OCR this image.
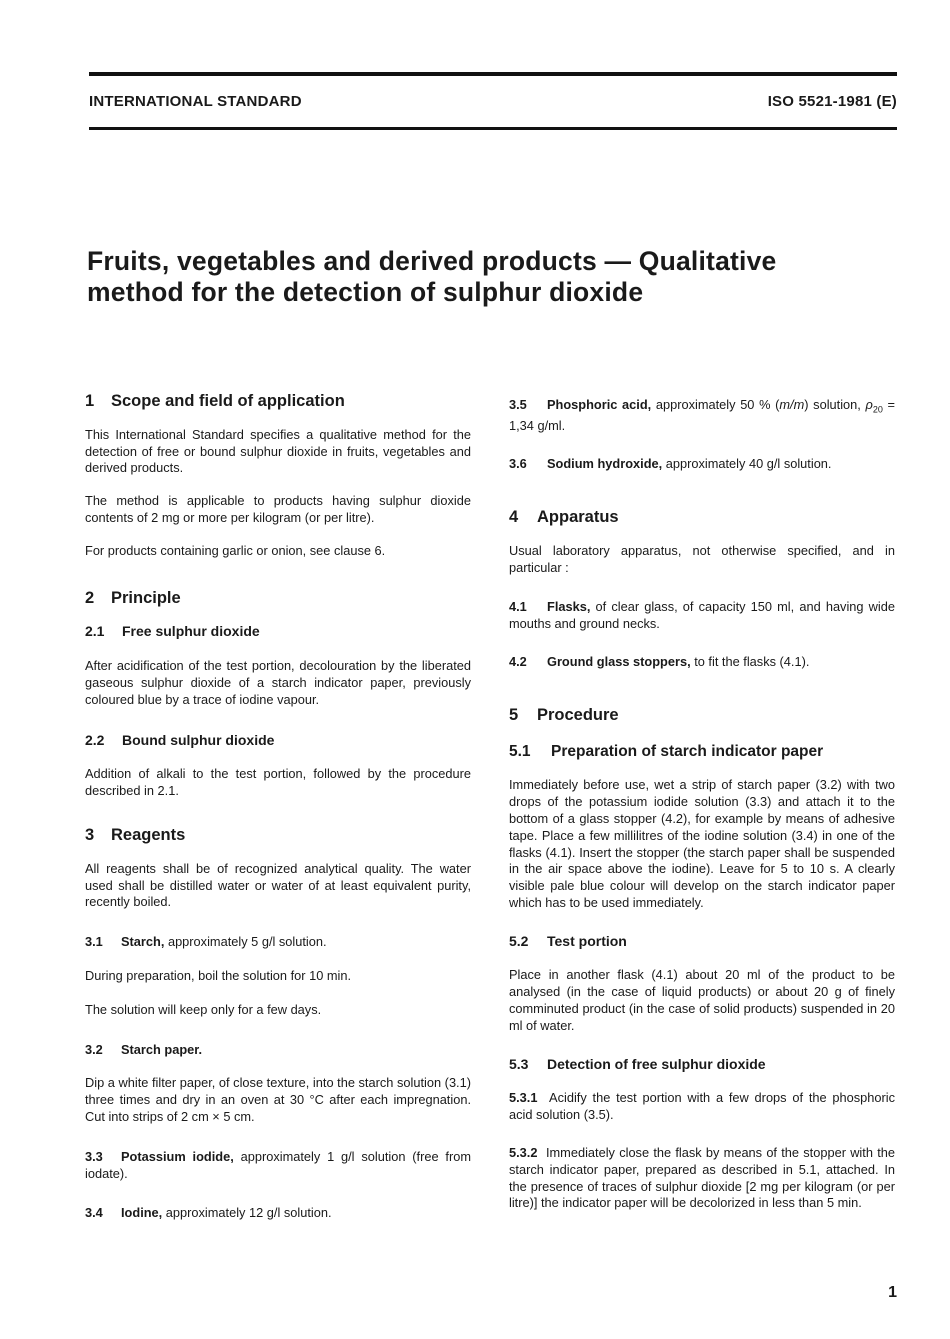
INTERNATIONAL STANDARD	ISO 5521-1981 (E)
Fruits, vegetables and derived products — Qualitative
method for the detection of sulphur dioxide
1 Scope and field of application

This International Standard specifies a qualitative method for the detection of free or bound sulphur dioxide in fruits, vegetables and derived products.

The method is applicable to products having sulphur dioxide contents of 2 mg or more per kilogram (or per litre).

For products containing garlic or onion, see clause 6.

2 Principle
2.1 Free sulphur dioxide

After acidification of the test portion, decolouration by the liberated gaseous sulphur dioxide of a starch indicator paper, previously coloured blue by a trace of iodine vapour.

2.2 Bound sulphur dioxide

Addition of alkali to the test portion, followed by the procedure described in 2.1.

3 Reagents

All reagents shall be of recognized analytical quality. The water used shall be distilled water or water of at least equivalent purity, recently boiled.

3.1 Starch, approximately 5 g/l solution.

During preparation, boil the solution for 10 min.

The solution will keep only for a few days.

3.2 Starch paper.

Dip a white filter paper, of close texture, into the starch solution (3.1) three times and dry in an oven at 30 °C after each impregnation. Cut into strips of 2 cm × 5 cm.

3.3 Potassium iodide, approximately 1 g/l solution (free from iodate).

3.4 Iodine, approximately 12 g/l solution.

3.5 Phosphoric acid, approximately 50 % (m/m) solution, $\rho_{20} = 1,34$ g/ml.

3.6 Sodium hydroxide, approximately 40 g/l solution.

4 Apparatus

Usual laboratory apparatus, not otherwise specified, and in particular :

4.1 Flasks, of clear glass, of capacity 150 ml, and having wide mouths and ground necks.

4.2 Ground glass stoppers, to fit the flasks (4.1).

5 Procedure
5.1 Preparation of starch indicator paper

Immediately before use, wet a strip of starch paper (3.2) with two drops of the potassium iodide solution (3.3) and attach it to the bottom of a glass stopper (4.2), for example by means of adhesive tape. Place a few millilitres of the iodine solution (3.4) in one of the flasks (4.1). Insert the stopper (the starch paper shall be suspended in the air space above the iodine). Leave for 5 to 10 s. A clearly visible pale blue colour will develop on the starch indicator paper which has to be used immediately.

5.2 Test portion

Place in another flask (4.1) about 20 ml of the product to be analysed (in the case of liquid products) or about 20 g of finely comminuted product (in the case of solid products) suspended in 20 ml of water.

5.3 Detection of free sulphur dioxide

5.3.1 Acidify the test portion with a few drops of the phosphoric acid solution (3.5).

5.3.2 Immediately close the flask by means of the stopper with the starch indicator paper, prepared as described in 5.1, attached. In the presence of traces of sulphur dioxide [2 mg per kilogram (or per litre)] the indicator paper will be decolorized in less than 5 min.

1
